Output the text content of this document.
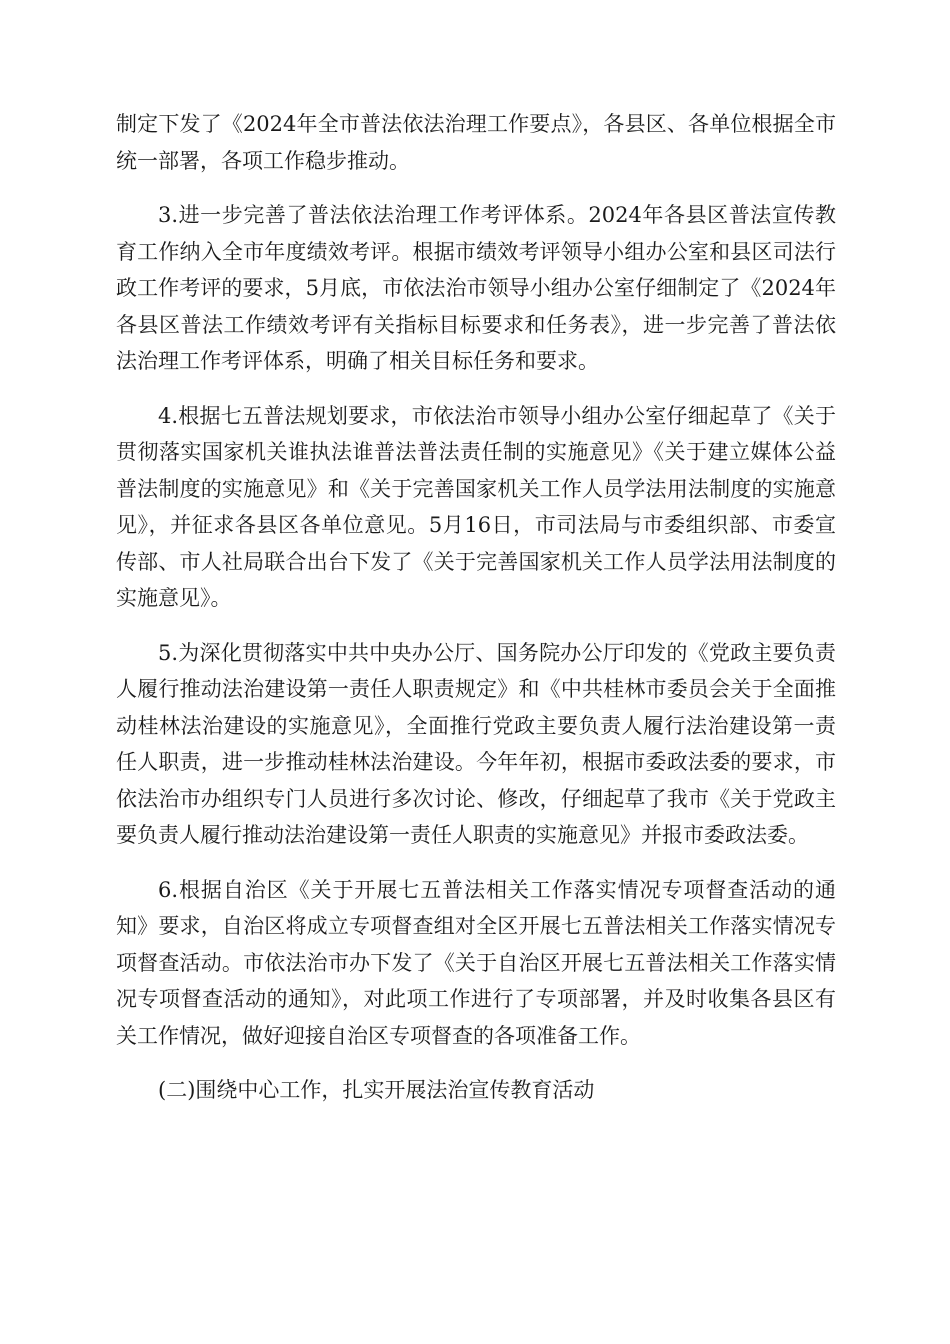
制定下发了《2024年全市普法依法治理工作要点》，各县区、各单位根据全市统一部署，各项工作稳步推动。

3.进一步完善了普法依法治理工作考评体系。2024年各县区普法宣传教育工作纳入全市年度绩效考评。根据市绩效考评领导小组办公室和县区司法行政工作考评的要求，5月底，市依法治市领导小组办公室仔细制定了《2024年各县区普法工作绩效考评有关指标目标要求和任务表》，进一步完善了普法依法治理工作考评体系，明确了相关目标任务和要求。

4.根据七五普法规划要求，市依法治市领导小组办公室仔细起草了《关于贯彻落实国家机关谁执法谁普法普法责任制的实施意见》《关于建立媒体公益普法制度的实施意见》和《关于完善国家机关工作人员学法用法制度的实施意见》，并征求各县区各单位意见。5月16日，市司法局与市委组织部、市委宣传部、市人社局联合出台下发了《关于完善国家机关工作人员学法用法制度的实施意见》。

5.为深化贯彻落实中共中央办公厅、国务院办公厅印发的《党政主要负责人履行推动法治建设第一责任人职责规定》和《中共桂林市委员会关于全面推动桂林法治建设的实施意见》，全面推行党政主要负责人履行法治建设第一责任人职责，进一步推动桂林法治建设。今年年初，根据市委政法委的要求，市依法治市办组织专门人员进行多次讨论、修改，仔细起草了我市《关于党政主要负责人履行推动法治建设第一责任人职责的实施意见》并报市委政法委。

6.根据自治区《关于开展七五普法相关工作落实情况专项督查活动的通知》要求，自治区将成立专项督查组对全区开展七五普法相关工作落实情况专项督查活动。市依法治市办下发了《关于自治区开展七五普法相关工作落实情况专项督查活动的通知》，对此项工作进行了专项部署，并及时收集各县区有关工作情况，做好迎接自治区专项督查的各项准备工作。

(二)围绕中心工作，扎实开展法治宣传教育活动
